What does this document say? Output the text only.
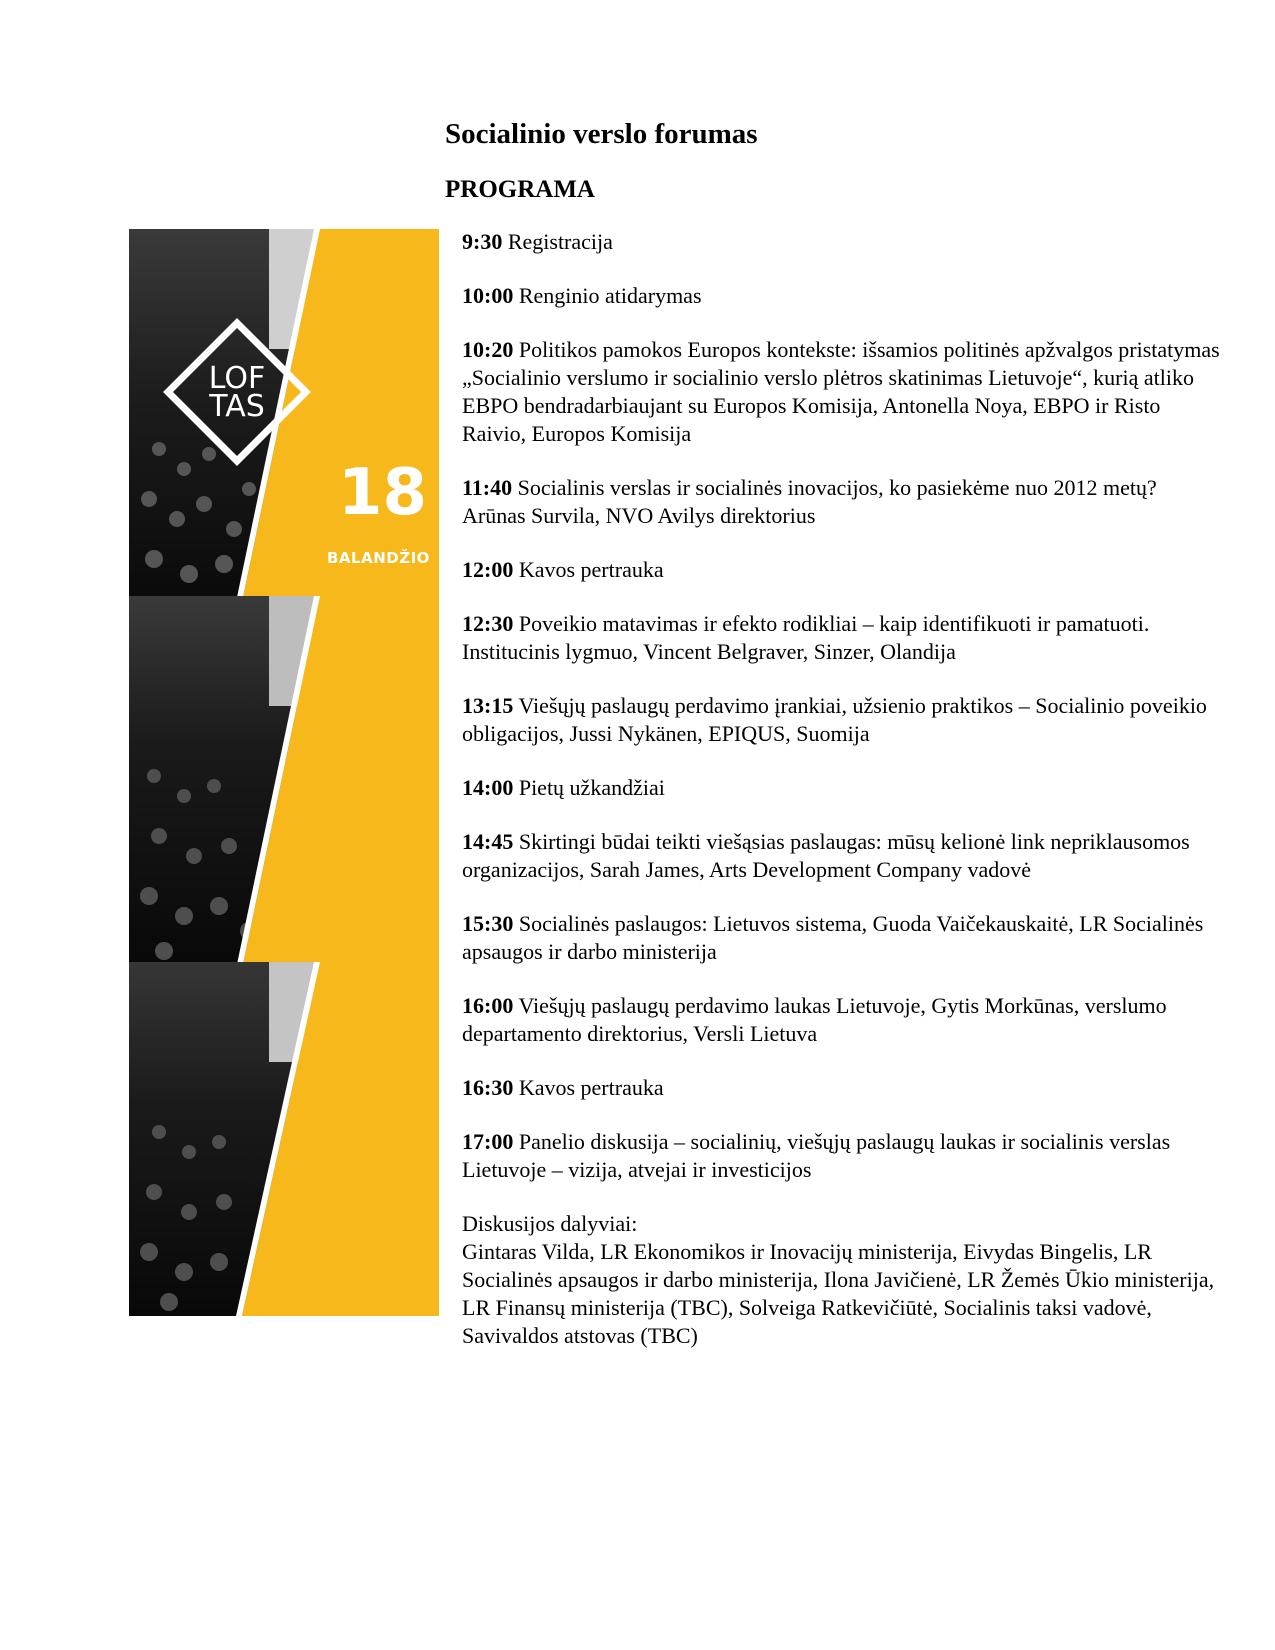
Socialinio verslo forumas
PROGRAMA
LOF
TAS
18
BALANDŽIO
9:30 Registracija
10:00 Renginio atidarymas
10:20 Politikos pamokos Europos kontekste: išsamios politinės apžvalgos pristatymas „Socialinio verslumo ir socialinio verslo plėtros skatinimas Lietuvoje“, kurią atliko EBPO bendradarbiaujant su Europos Komisija, Antonella Noya, EBPO ir Risto Raivio, Europos Komisija
11:40 Socialinis verslas ir socialinės inovacijos, ko pasiekėme nuo 2012 metų? Arūnas Survila, NVO Avilys direktorius
12:00 Kavos pertrauka
12:30 Poveikio matavimas ir efekto rodikliai – kaip identifikuoti ir pamatuoti. Institucinis lygmuo, Vincent Belgraver, Sinzer, Olandija
13:15 Viešųjų paslaugų perdavimo įrankiai, užsienio praktikos – Socialinio poveikio obligacijos, Jussi Nykänen, EPIQUS, Suomija
14:00 Pietų užkandžiai
14:45 Skirtingi būdai teikti viešąsias paslaugas: mūsų kelionė link nepriklausomos organizacijos, Sarah James, Arts Development Company vadovė
15:30 Socialinės paslaugos: Lietuvos sistema, Guoda Vaičekauskaitė, LR Socialinės apsaugos ir darbo ministerija
16:00 Viešųjų paslaugų perdavimo laukas Lietuvoje, Gytis Morkūnas, verslumo departamento direktorius, Versli Lietuva
16:30 Kavos pertrauka
17:00 Panelio diskusija – socialinių, viešųjų paslaugų laukas ir socialinis verslas Lietuvoje – vizija, atvejai ir investicijos
Diskusijos dalyviai:
Gintaras Vilda, LR Ekonomikos ir Inovacijų ministerija, Eivydas Bingelis, LR Socialinės apsaugos ir darbo ministerija, Ilona Javičienė, LR Žemės Ūkio ministerija, LR Finansų ministerija (TBC), Solveiga Ratkevičiūtė, Socialinis taksi vadovė, Savivaldos atstovas (TBC)
